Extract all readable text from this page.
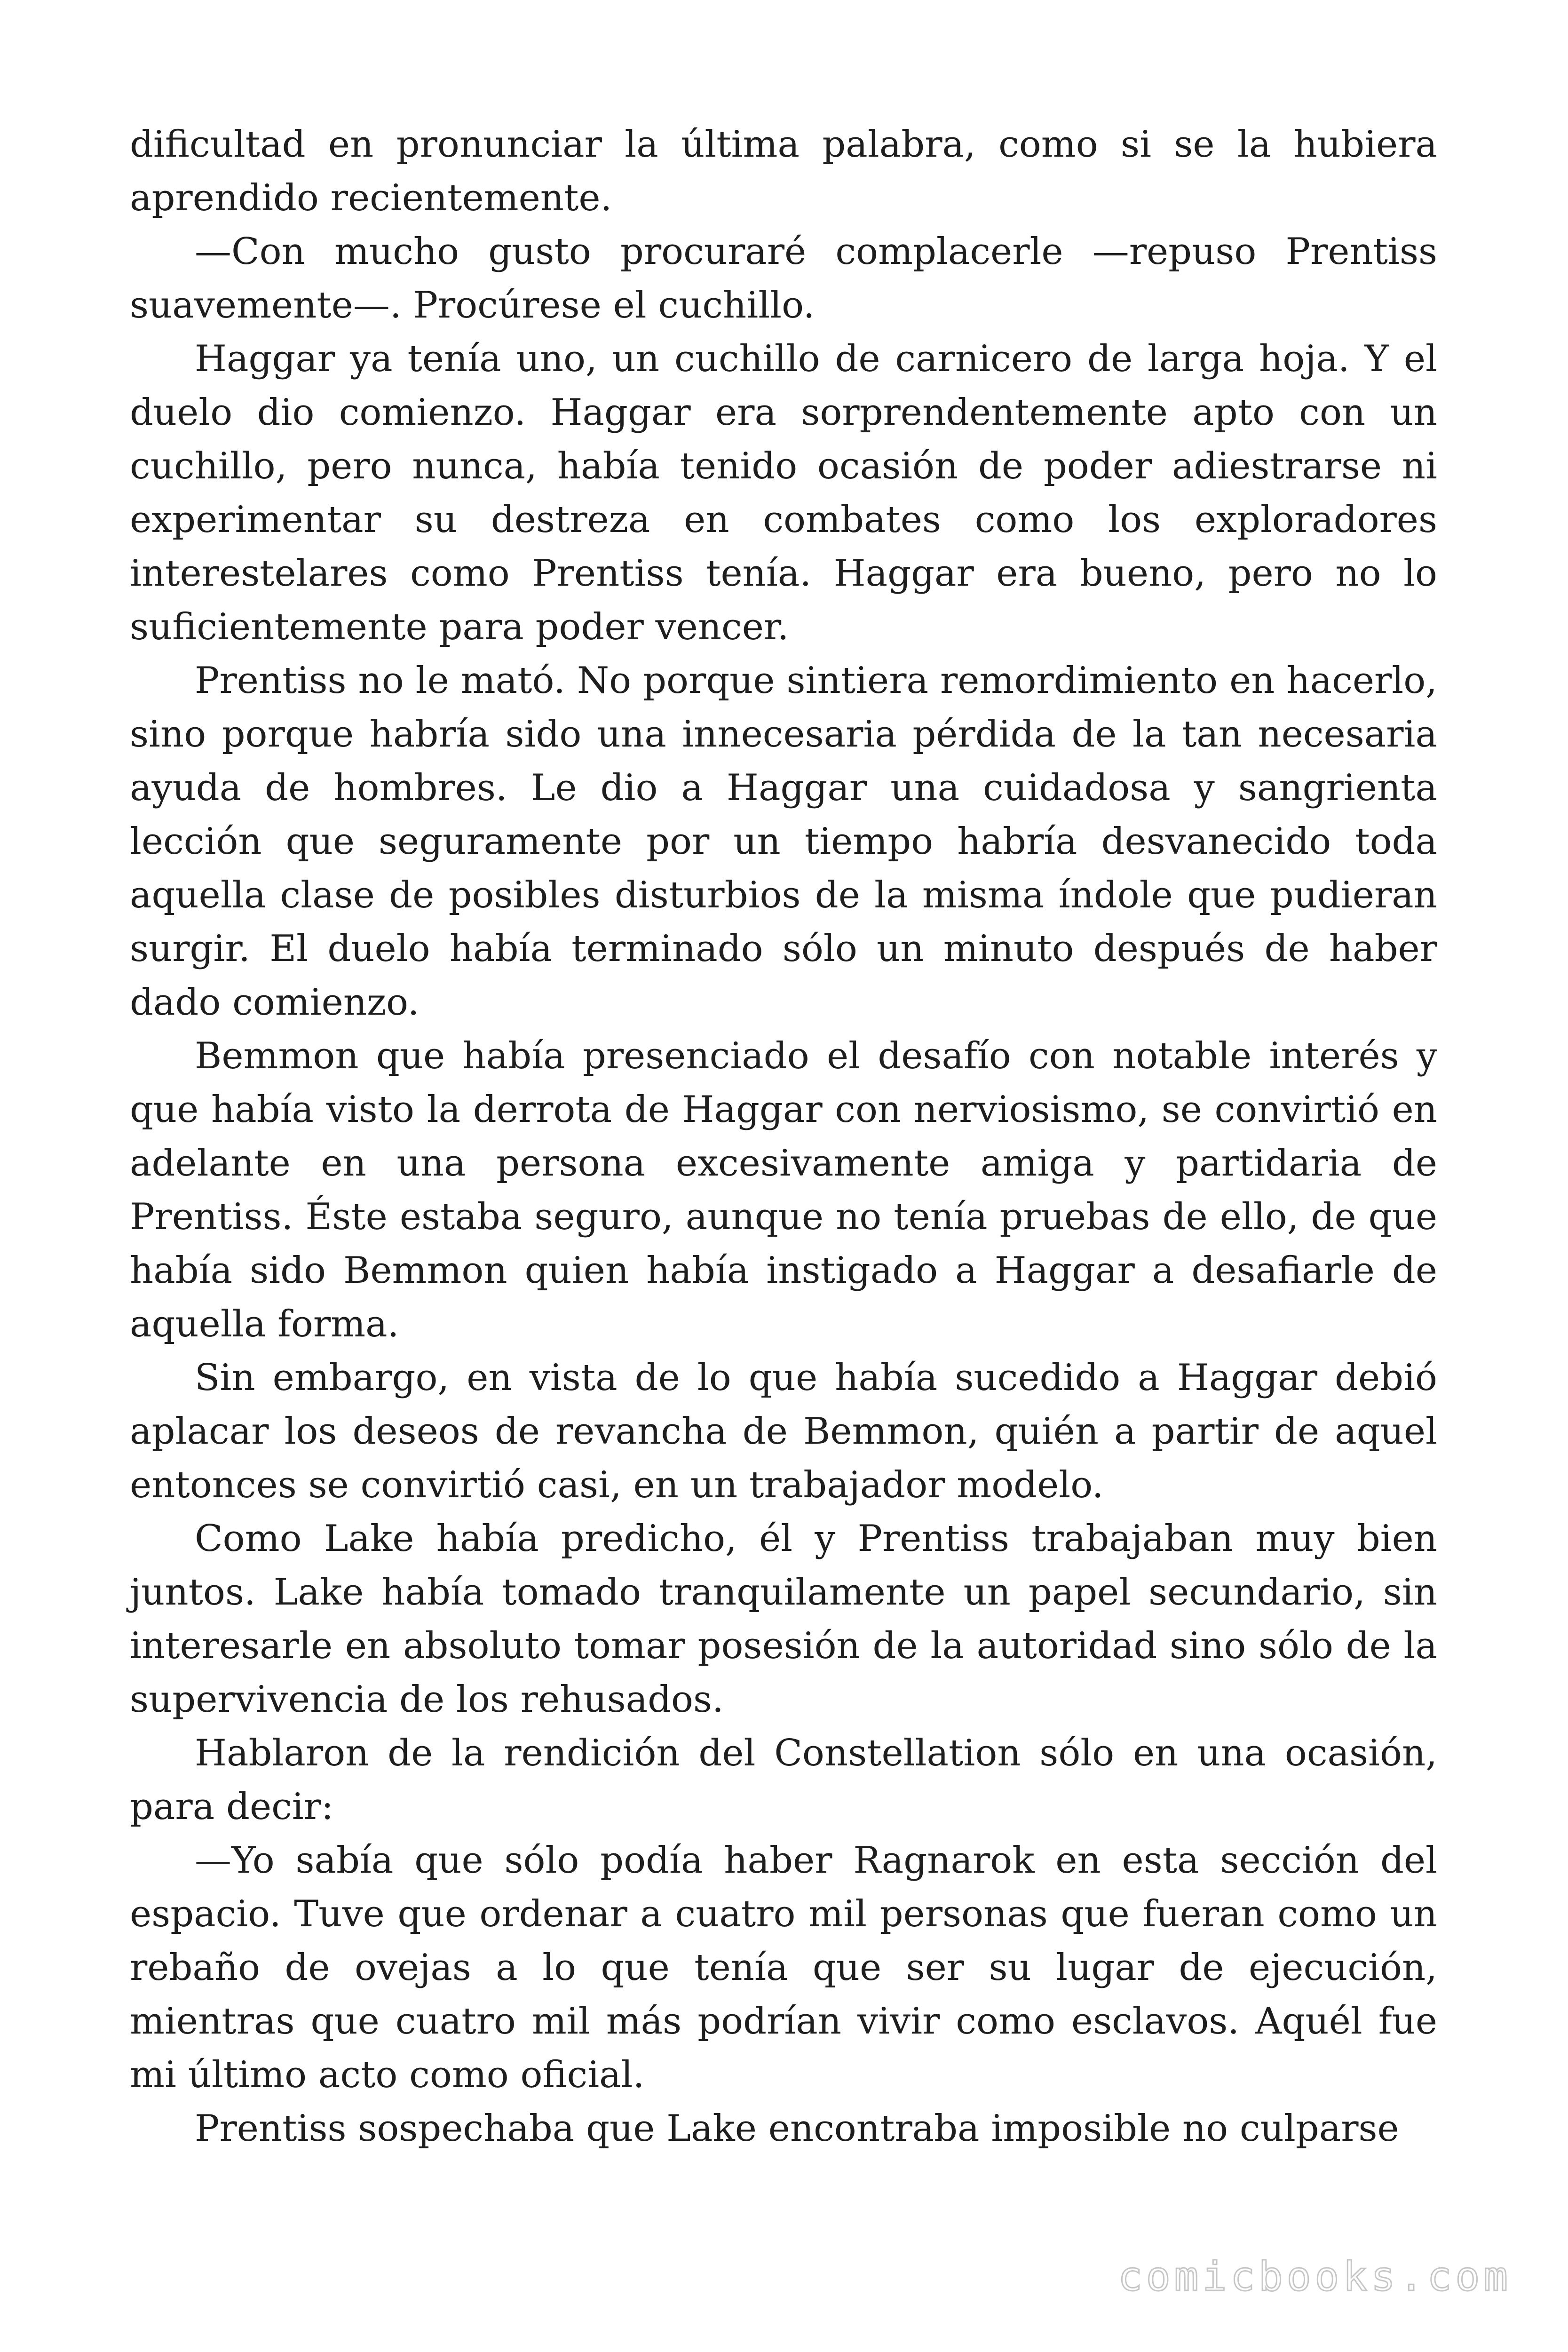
dificultad en pronunciar la última palabra, como si se la hubiera aprendido recientemente.

—Con mucho gusto procuraré complacerle —repuso Prentiss suavemente—. Procúrese el cuchillo.

Haggar ya tenía uno, un cuchillo de carnicero de larga hoja. Y el duelo dio comienzo. Haggar era sorprendentemente apto con un cuchillo, pero nunca, había tenido ocasión de poder adiestrarse ni experimentar su destreza en combates como los exploradores interestelares como Prentiss tenía. Haggar era bueno, pero no lo suficientemente para poder vencer.

Prentiss no le mató. No porque sintiera remordimiento en hacerlo, sino porque habría sido una innecesaria pérdida de la tan necesaria ayuda de hombres. Le dio a Haggar una cuidadosa y sangrienta lección que seguramente por un tiempo habría desvanecido toda aquella clase de posibles disturbios de la misma índole que pudieran surgir. El duelo había terminado sólo un minuto después de haber dado comienzo.

Bemmon que había presenciado el desafío con notable interés y que había visto la derrota de Haggar con nerviosismo, se convirtió en adelante en una persona excesivamente amiga y partidaria de Prentiss. Éste estaba seguro, aunque no tenía pruebas de ello, de que había sido Bemmon quien había instigado a Haggar a desafiarle de aquella forma.

Sin embargo, en vista de lo que había sucedido a Haggar debió aplacar los deseos de revancha de Bemmon, quién a partir de aquel entonces se convirtió casi, en un trabajador modelo.

Como Lake había predicho, él y Prentiss trabajaban muy bien juntos. Lake había tomado tranquilamente un papel secundario, sin interesarle en absoluto tomar posesión de la autoridad sino sólo de la supervivencia de los rehusados.

Hablaron de la rendición del Constellation sólo en una ocasión, para decir:

—Yo sabía que sólo podía haber Ragnarok en esta sección del espacio. Tuve que ordenar a cuatro mil personas que fueran como un rebaño de ovejas a lo que tenía que ser su lugar de ejecución, mientras que cuatro mil más podrían vivir como esclavos. Aquél fue mi último acto como oficial.

Prentiss sospechaba que Lake encontraba imposible no culparse

comicbooks.com
